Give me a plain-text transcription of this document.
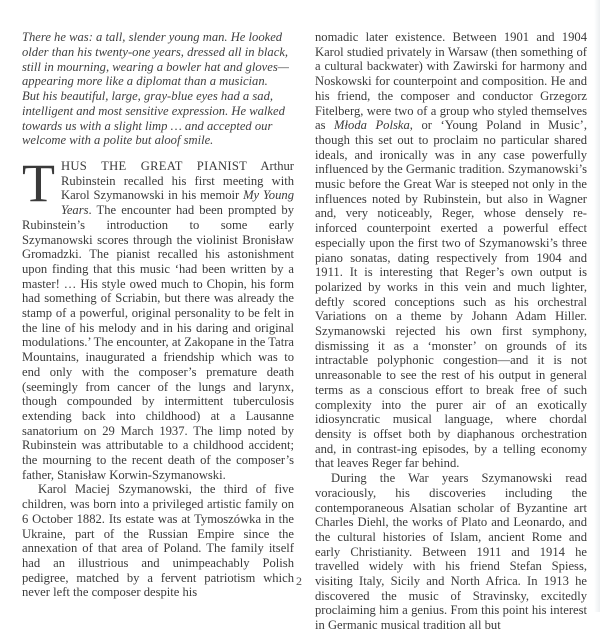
There he was: a tall, slender young man. He looked
older than his twenty-one years, dressed all in black,
still in mourning, wearing a bowler hat and gloves—
appearing more like a diplomat than a musician.
But his beautiful, large, gray-blue eyes had a sad,
intelligent and most sensitive expression. He walked
towards us with a slight limp … and accepted our
welcome with a polite but aloof smile.

THUS THE GREAT PIANIST Arthur Rubinstein recalled his first meeting with Karol Szymanowski in his memoir My Young Years. The encounter had been prompted by Rubinstein’s introduction to some early Szymanowski scores through the violinist Bronisław Gromadzki. The pianist recalled his astonishment upon finding that this music ‘had been written by a master! … His style owed much to Chopin, his form had something of Scriabin, but there was already the stamp of a powerful, original personality to be felt in the line of his melody and in his daring and original modulations.’ The encounter, at Zakopane in the Tatra Mountains, inaugurated a friendship which was to end only with the composer’s premature death (seemingly from cancer of the lungs and larynx, though compounded by intermittent tuberculosis extending back into childhood) at a Lausanne sanatorium on 29 March 1937. The limp noted by Rubinstein was attributable to a childhood accident; the mourning to the recent death of the composer’s father, Stanisław Korwin-Szymanowski.

Karol Maciej Szymanowski, the third of five children, was born into a privileged artistic family on 6 October 1882. Its estate was at Tymoszówka in the Ukraine, part of the Russian Empire since the annexation of that area of Poland. The family itself had an illustrious and unimpeachably Polish pedigree, matched by a fervent patriotism which never left the composer despite his

nomadic later existence. Between 1901 and 1904 Karol studied privately in Warsaw (then something of a cultural backwater) with Zawirski for harmony and Noskowski for counterpoint and composition. He and his friend, the composer and conductor Grzegorz Fitelberg, were two of a group who styled themselves as Młoda Polska, or ‘Young Poland in Music’, though this set out to proclaim no particular shared ideals, and ironically was in any case powerfully influenced by the Germanic tradition. Szymanowski’s music before the Great War is steeped not only in the influences noted by Rubinstein, but also in Wagner and, very noticeably, Reger, whose densely re-inforced counterpoint exerted a powerful effect especially upon the first two of Szymanowski’s three piano sonatas, dating respectively from 1904 and 1911. It is interesting that Reger’s own output is polarized by works in this vein and much lighter, deftly scored conceptions such as his orchestral Variations on a theme by Johann Adam Hiller. Szymanowski rejected his own first symphony, dismissing it as a ‘monster’ on grounds of its intractable polyphonic congestion—and it is not unreasonable to see the rest of his output in general terms as a conscious effort to break free of such complexity into the purer air of an exotically idiosyncratic musical language, where chordal density is offset both by diaphanous orchestration and, in contrast-ing episodes, by a telling economy that leaves Reger far behind.

During the War years Szymanowski read voraciously, his discoveries including the contemporaneous Alsatian scholar of Byzantine art Charles Diehl, the works of Plato and Leonardo, and the cultural histories of Islam, ancient Rome and early Christianity. Between 1911 and 1914 he travelled widely with his friend Stefan Spiess, visiting Italy, Sicily and North Africa. In 1913 he discovered the music of Stravinsky, excitedly proclaiming him a genius. From this point his interest in Germanic musical tradition all but

2
